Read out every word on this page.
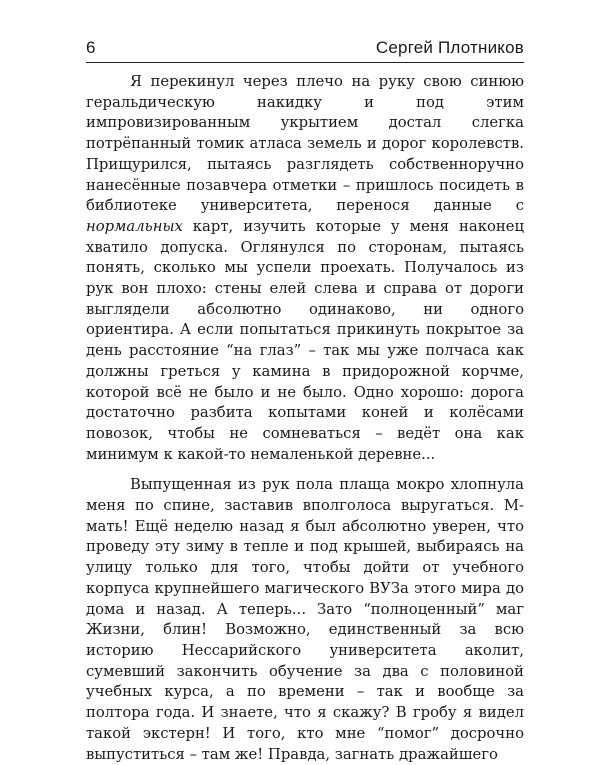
6	Сергей Плотников

Я перекинул через плечо на руку свою синюю геральдическую накидку и под этим импровизированным укрытием достал слегка потрёпанный томик атласа земель и дорог королевств. Прищурился, пытаясь разглядеть собственноручно нанесённые позавчера отметки – пришлось посидеть в библиотеке университета, перенося данные с нормальных карт, изучить которые у меня наконец хватило допуска. Оглянулся по сторонам, пытаясь понять, сколько мы успели проехать. Получалось из рук вон плохо: стены елей слева и справа от дороги выглядели абсолютно одинаково, ни одного ориентира. А если попытаться прикинуть покрытое за день расстояние “на глаз” – так мы уже полчаса как должны греться у камина в придорожной корчме, которой всё не было и не было. Одно хорошо: дорога достаточно разбита копытами коней и колёсами повозок, чтобы не сомневаться – ведёт она как минимум к какой-то немаленькой деревне...

Выпущенная из рук пола плаща мокро хлопнула меня по спине, заставив вполголоса выругаться. М-мать! Ещё неделю назад я был абсолютно уверен, что проведу эту зиму в тепле и под крышей, выбираясь на улицу только для того, чтобы дойти от учебного корпуса крупнейшего магического ВУЗа этого мира до дома и назад. А теперь... Зато “полноценный” маг Жизни, блин! Возможно, единственный за всю историю Нессарийского университета аколит, сумевший закончить обучение за два с половиной учебных курса, а по времени – так и вообще за полтора года. И знаете, что я скажу? В гробу я видел такой экстерн! И того, кто мне “помог” досрочно выпуститься – там же! Правда, загнать дражайшего
